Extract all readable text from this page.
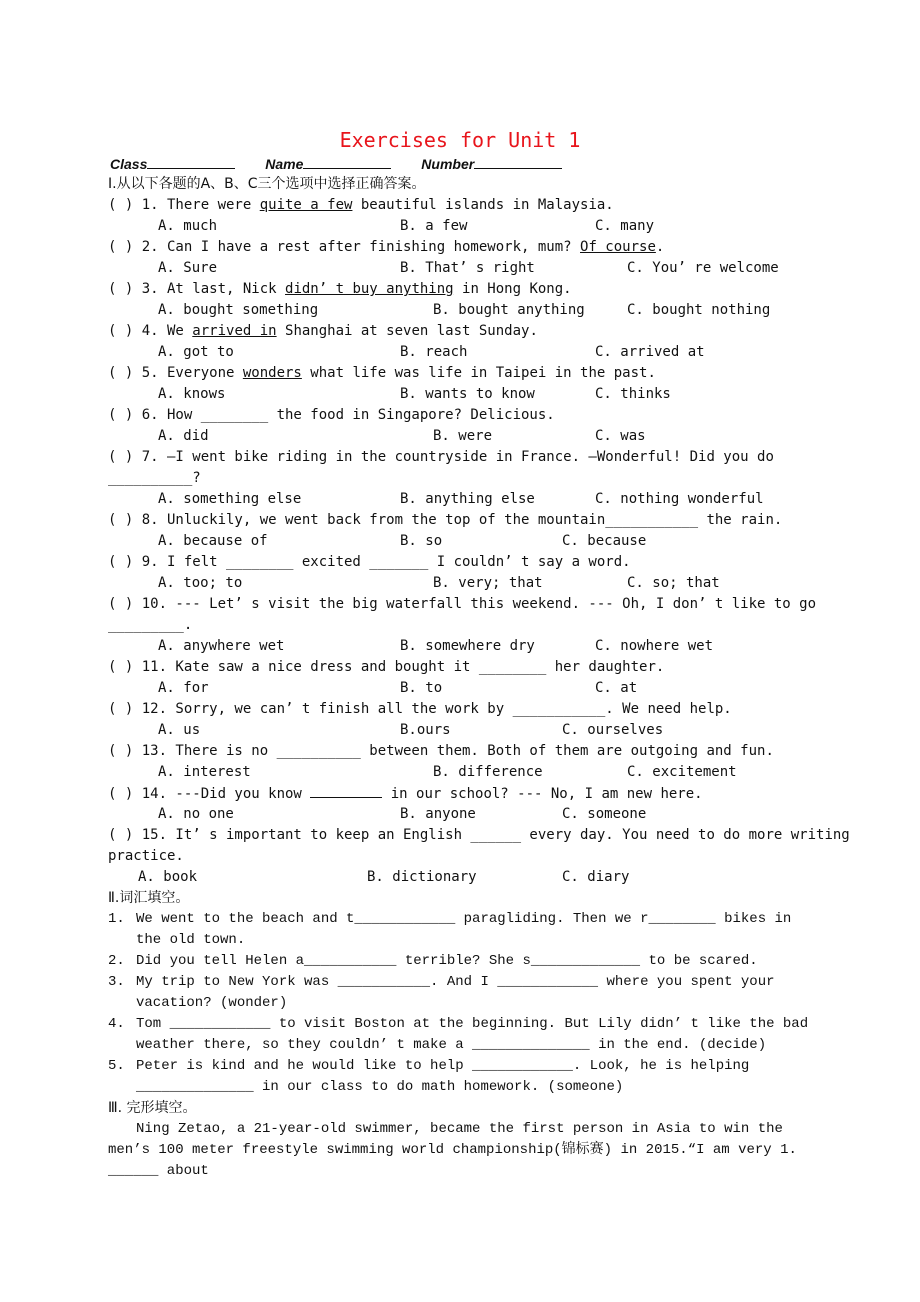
Exercises for Unit 1
Class	Name	Number
Ⅰ.从以下各题的A、B、C三个选项中选择正确答案。
( ) 1. There were quite a few beautiful islands in Malaysia.
A. much	B. a few	C. many
( ) 2. Can I have a rest after finishing homework, mum? Of course.
A. Sure	B. That’ s right	C. You’ re welcome
( ) 3. At last, Nick didn’ t buy anything in Hong Kong.
A. bought something	B. bought anything	C. bought nothing
( ) 4. We arrived in Shanghai at seven last Sunday.
A. got to	B. reach	C. arrived at
( ) 5. Everyone wonders what life was life in Taipei in the past.
A. knows	B. wants to know	C. thinks
( ) 6. How ________ the food in Singapore? Delicious.
A. did	B. were	C. was
( ) 7. –I went bike riding in the countryside in France. –Wonderful! Did you do
__________?
A. something else	B. anything else	C. nothing wonderful
( ) 8. Unluckily, we went back from the top of the mountain___________ the rain.
A. because of	B. so	C. because
( ) 9. I felt ________ excited _______ I couldn’ t say a word.
A. too; to	B. very; that	C. so; that
( ) 10. --- Let’ s visit the big waterfall this weekend. --- Oh, I don’ t like to go
_________.
A. anywhere wet	B. somewhere dry	C. nowhere wet
( ) 11. Kate saw a nice dress and bought it ________ her daughter.
A. for	B. to	C. at
( ) 12. Sorry, we can’ t finish all the work by ___________. We need help.
A. us	B.ours	C. ourselves
( ) 13. There is no __________ between them. Both of them are outgoing and fun.
A. interest	B. difference	C. excitement
( ) 14. ---Did you know	in our school? --- No, I am new here.
A. no one	B. anyone	C. someone
( ) 15. It’ s important to keep an English ______ every day. You need to do more writing
practice.
A. book	B. dictionary	C. diary
Ⅱ.词汇填空。
1. We went to the beach and t____________ paragliding. Then we r________ bikes in the old town.
2. Did you tell Helen a___________ terrible? She s_____________ to be scared.
3. My trip to New York was ___________. And I ____________ where you spent your vacation? (wonder)
4. Tom ____________ to visit Boston at the beginning. But Lily didn’ t like the bad weather there, so they couldn’ t make a ______________ in the end. (decide)
5. Peter is kind and he would like to help ____________. Look, he is helping ______________ in our class to do math homework. (someone)
Ⅲ. 完形填空。
Ning Zetao, a 21-year-old swimmer, became the first person in Asia to win the men’s 100 meter freestyle swimming world championship(锦标赛) in 2015.“I am very 1. ______ about
